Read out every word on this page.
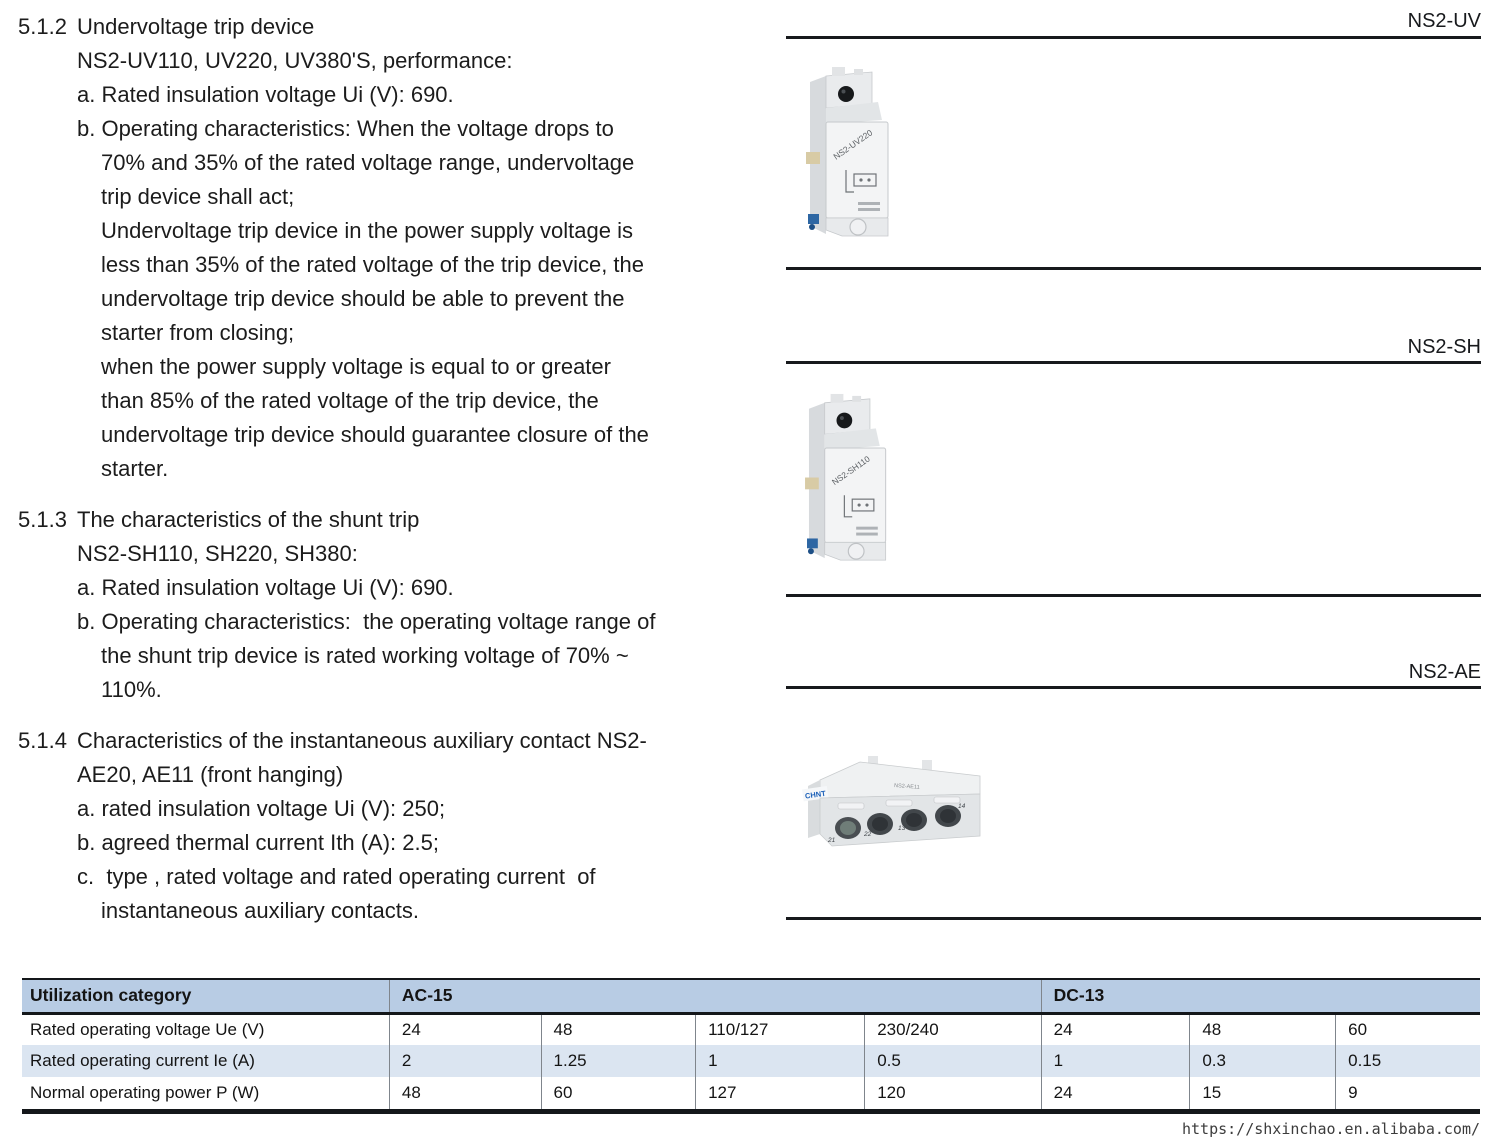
5.1.2 Undervoltage trip device
NS2-UV110, UV220, UV380'S, performance:
a. Rated insulation voltage Ui (V): 690.
b. Operating characteristics: When the voltage drops to
70% and 35% of the rated voltage range, undervoltage
trip device shall act;
Undervoltage trip device in the power supply voltage is
less than 35% of the rated voltage of the trip device, the
undervoltage trip device should be able to prevent the
starter from closing;
when the power supply voltage is equal to or greater
than 85% of the rated voltage of the trip device, the
undervoltage trip device should guarantee closure of the
starter.
5.1.3 The characteristics of the shunt trip
NS2-SH110, SH220, SH380:
a. Rated insulation voltage Ui (V): 690.
b. Operating characteristics:  the operating voltage range of
the shunt trip device is rated working voltage of 70% ~
110%.
5.1.4 Characteristics of the instantaneous auxiliary contact NS2-
AE20, AE11 (front hanging)
a. rated insulation voltage Ui (V): 250;
b. agreed thermal current Ith (A): 2.5;
c.  type , rated voltage and rated operating current  of
instantaneous auxiliary contacts.
NS2-UV
NS2-UV220
NS2-SH
NS2-SH110
NS2-AE
CHNT
NS2-AE11
21
22
13
14
Utilization category	AC-15				DC-13		
Rated operating voltage Ue (V)	24	48	110/127	230/240	24	48	60
Rated operating current Ie (A)	2	1.25	1	0.5	1	0.3	0.15
Normal operating power P (W)	48	60	127	120	24	15	9
https://shxinchao.en.alibaba.com/
